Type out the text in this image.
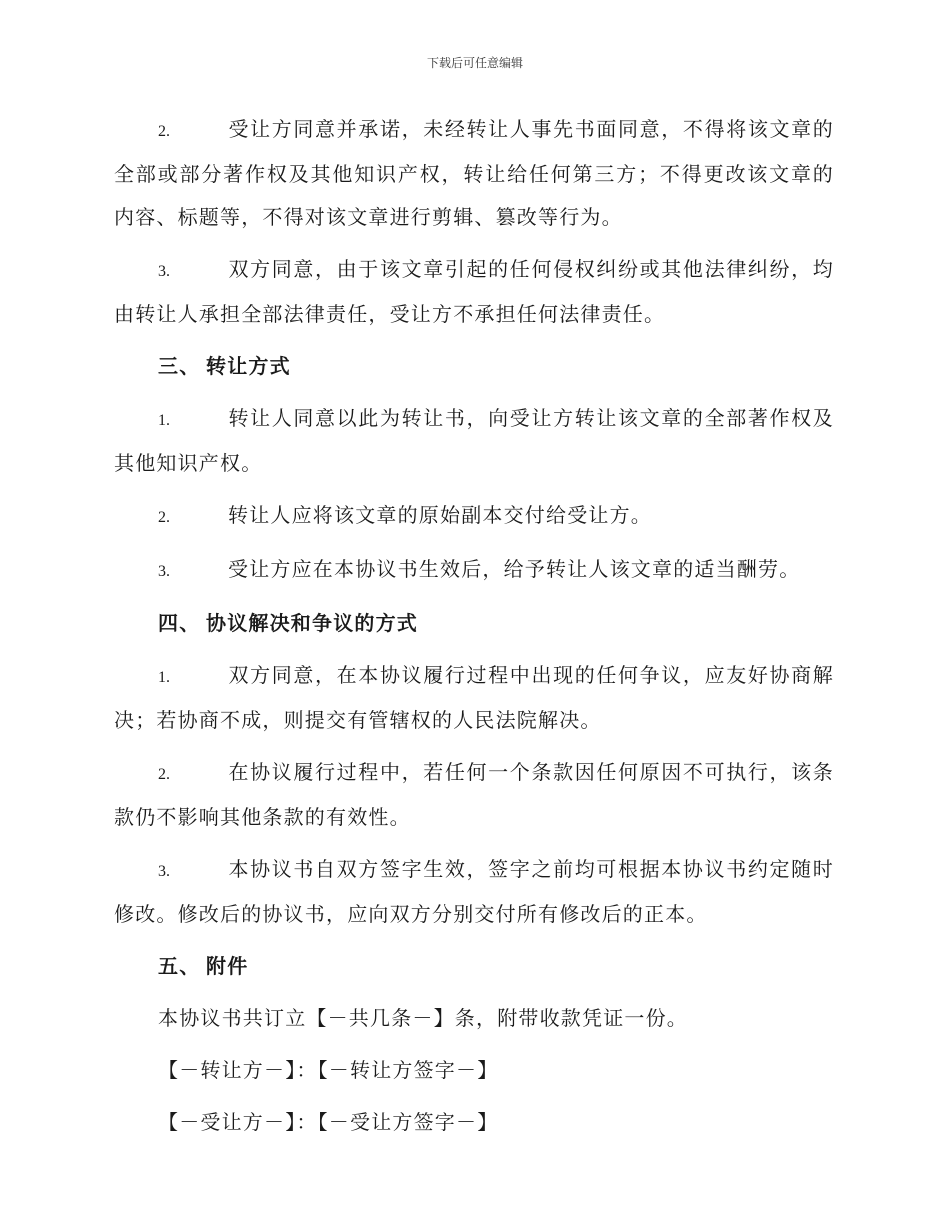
下载后可任意编辑

2.	受让方同意并承诺，未经转让人事先书面同意，不得将该文章的全部或部分著作权及其他知识产权，转让给任何第三方；不得更改该文章的内容、标题等，不得对该文章进行剪辑、篡改等行为。

3.	双方同意，由于该文章引起的任何侵权纠纷或其他法律纠纷，均由转让人承担全部法律责任，受让方不承担任何法律责任。

三、 转让方式

1.	转让人同意以此为转让书，向受让方转让该文章的全部著作权及其他知识产权。

2.	转让人应将该文章的原始副本交付给受让方。

3.	受让方应在本协议书生效后，给予转让人该文章的适当酬劳。

四、 协议解决和争议的方式

1.	双方同意，在本协议履行过程中出现的任何争议，应友好协商解决；若协商不成，则提交有管辖权的人民法院解决。

2.	在协议履行过程中，若任何一个条款因任何原因不可执行，该条款仍不影响其他条款的有效性。

3.	本协议书自双方签字生效，签字之前均可根据本协议书约定随时修改。修改后的协议书，应向双方分别交付所有修改后的正本。

五、 附件

本协议书共订立【－共几条－】条，附带收款凭证一份。

【－转让方－】：【－转让方签字－】

【－受让方－】：【－受让方签字－】
